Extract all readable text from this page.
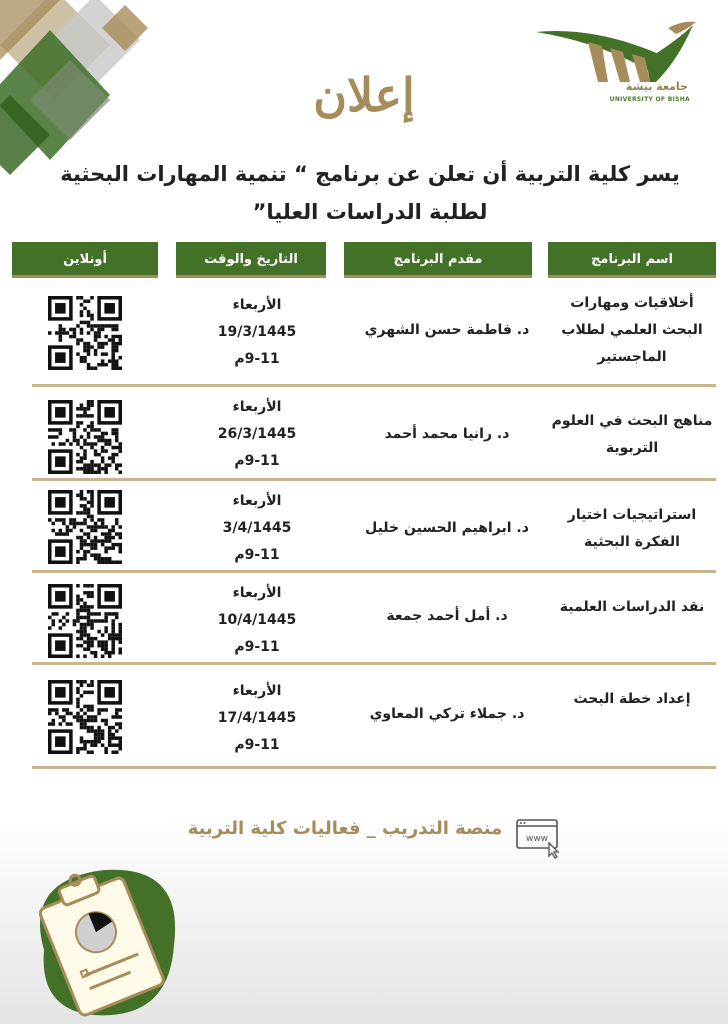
جامعة بيشة
UNIVERSITY OF BISHA
إعلان
يسر كلية التربية أن تعلن عن برنامج “ تنمية المهارات البحثية لطلبة الدراسات العليا”
اسم البرنامج
مقدم البرنامج
التاريخ والوقت
أونلاين
أخلاقيات ومهارات البحث العلمي لطلاب الماجستير
د. فاطمة حسن الشهري
الأربعاء
19/3/1445
9-11م
مناهج البحث في العلوم التربوية
د. رانيا محمد أحمد
الأربعاء
26/3/1445
9-11م
استراتيجيات اختيار الفكرة البحثية
د. ابراهيم الحسين خليل
الأربعاء
3/4/1445
9-11م
نقد الدراسات العلمية
د. أمل أحمد جمعة
الأربعاء
10/4/1445
9-11م
إعداد خطة البحث
د. جملاء تركي المعاوي
الأربعاء
17/4/1445
9-11م
منصة التدريب _ فعاليات كلية التربية	www
